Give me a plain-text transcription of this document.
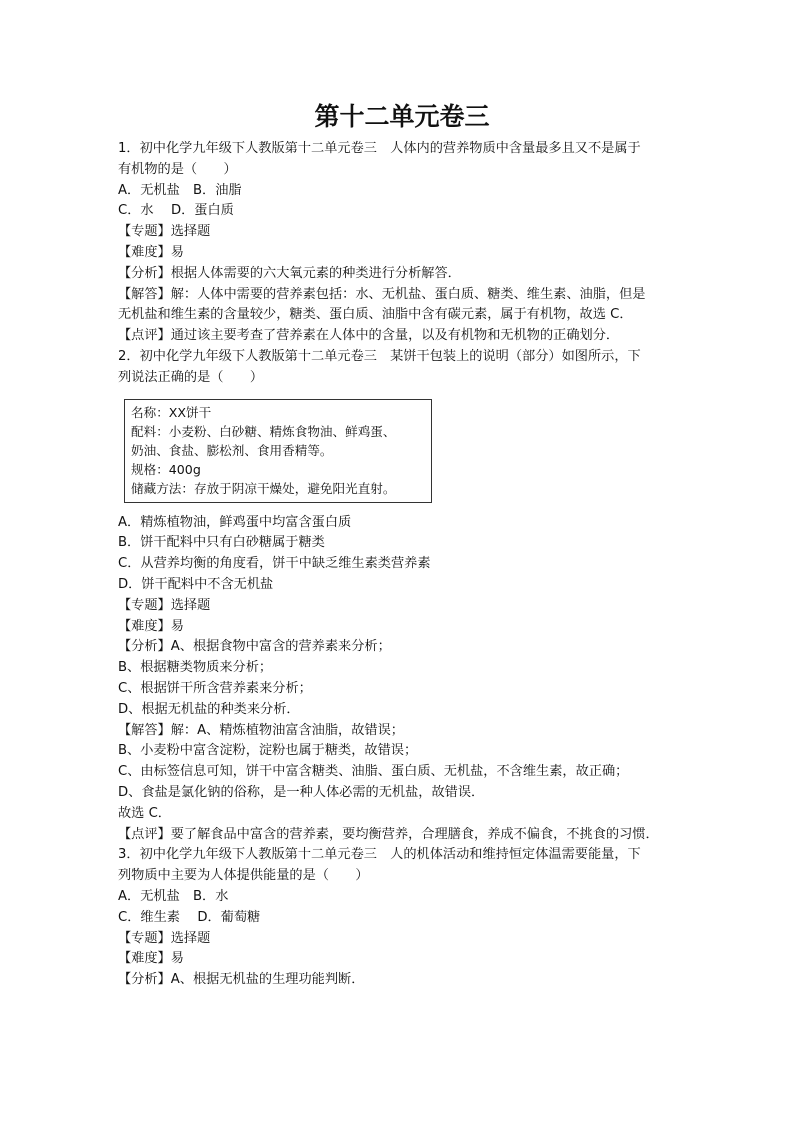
第十二单元卷三

1．初中化学九年级下人教版第十二单元卷三　人体内的营养物质中含量最多且又不是属于

有机物的是（　　）

A．无机盐　B．油脂

C．水　 D．蛋白质

【专题】选择题

【难度】易

【分析】根据人体需要的六大氧元素的种类进行分析解答．

【解答】解：人体中需要的营养素包括：水、无机盐、蛋白质、糖类、维生素、油脂，但是

无机盐和维生素的含量较少，糖类、蛋白质、油脂中含有碳元素，属于有机物，故选 C．

【点评】通过该主要考查了营养素在人体中的含量，以及有机物和无机物的正确划分．

2．初中化学九年级下人教版第十二单元卷三　某饼干包装上的说明（部分）如图所示，下

列说法正确的是（　　）

名称：XX饼干
配料：小麦粉、白砂糖、精炼食物油、鲜鸡蛋、
奶油、食盐、膨松剂、食用香精等。
规格：400g
储藏方法：存放于阴凉干燥处，避免阳光直射。

A．精炼植物油，鲜鸡蛋中均富含蛋白质

B．饼干配料中只有白砂糖属于糖类

C．从营养均衡的角度看，饼干中缺乏维生素类营养素

D．饼干配料中不含无机盐

【专题】选择题

【难度】易

【分析】A、根据食物中富含的营养素来分析；

B、根据糖类物质来分析；

C、根据饼干所含营养素来分析；

D、根据无机盐的种类来分析．

【解答】解：A、精炼植物油富含油脂，故错误；

B、小麦粉中富含淀粉，淀粉也属于糖类，故错误；

C、由标签信息可知，饼干中富含糖类、油脂、蛋白质、无机盐，不含维生素，故正确；

D、食盐是氯化钠的俗称，是一种人体必需的无机盐，故错误．

故选 C．

【点评】要了解食品中富含的营养素，要均衡营养，合理膳食，养成不偏食，不挑食的习惯．

3．初中化学九年级下人教版第十二单元卷三　人的机体活动和维持恒定体温需要能量，下

列物质中主要为人体提供能量的是（　　）

A．无机盐　B．水

C．维生素　 D．葡萄糖

【专题】选择题

【难度】易

【分析】A、根据无机盐的生理功能判断．
